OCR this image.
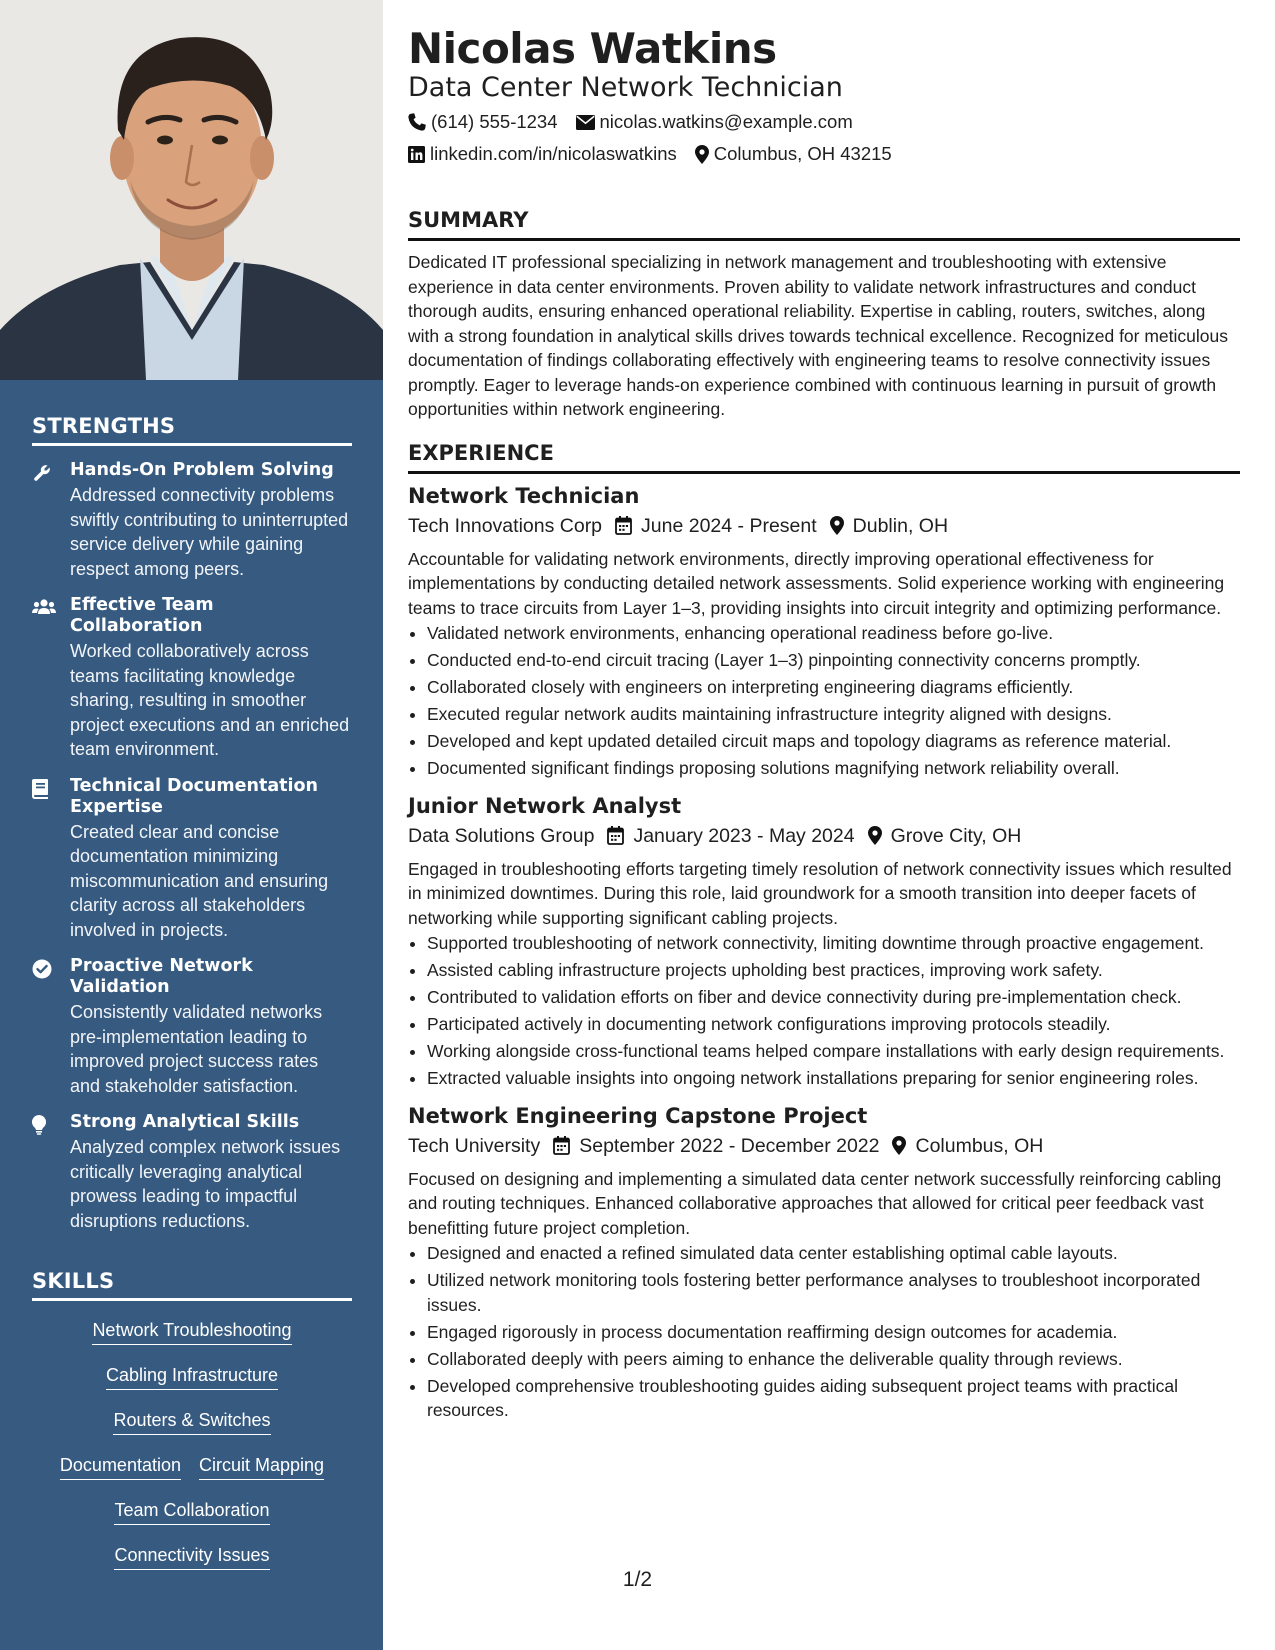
STRENGTHS
Hands-On Problem Solving
Addressed connectivity problems swiftly contributing to uninterrupted service delivery while gaining respect among peers.
Effective Team Collaboration
Worked collaboratively across teams facilitating knowledge sharing, resulting in smoother project executions and an enriched team environment.
Technical Documentation Expertise
Created clear and concise documentation minimizing miscommunication and ensuring clarity across all stakeholders involved in projects.
Proactive Network Validation
Consistently validated networks pre-implementation leading to improved project success rates and stakeholder satisfaction.
Strong Analytical Skills
Analyzed complex network issues critically leveraging analytical prowess leading to impactful disruptions reductions.
SKILLS
Network Troubleshooting
Cabling Infrastructure
Routers & Switches
Documentation Circuit Mapping
Team Collaboration
Connectivity Issues
Nicolas Watkins
Data Center Network Technician
(614) 555-1234 nicolas.watkins@example.com
linkedin.com/in/nicolaswatkins Columbus, OH 43215
SUMMARY
Dedicated IT professional specializing in network management and troubleshooting with extensive experience in data center environments. Proven ability to validate network infrastructures and conduct thorough audits, ensuring enhanced operational reliability. Expertise in cabling, routers, switches, along with a strong foundation in analytical skills drives towards technical excellence. Recognized for meticulous documentation of findings collaborating effectively with engineering teams to resolve connectivity issues promptly. Eager to leverage hands-on experience combined with continuous learning in pursuit of growth opportunities within network engineering.
EXPERIENCE
Network Technician
Tech Innovations Corp June 2024 - Present Dublin, OH
Accountable for validating network environments, directly improving operational effectiveness for implementations by conducting detailed network assessments. Solid experience working with engineering teams to trace circuits from Layer 1–3, providing insights into circuit integrity and optimizing performance.
• Validated network environments, enhancing operational readiness before go-live.
• Conducted end-to-end circuit tracing (Layer 1–3) pinpointing connectivity concerns promptly.
• Collaborated closely with engineers on interpreting engineering diagrams efficiently.
• Executed regular network audits maintaining infrastructure integrity aligned with designs.
• Developed and kept updated detailed circuit maps and topology diagrams as reference material.
• Documented significant findings proposing solutions magnifying network reliability overall.
Junior Network Analyst
Data Solutions Group January 2023 - May 2024 Grove City, OH
Engaged in troubleshooting efforts targeting timely resolution of network connectivity issues which resulted in minimized downtimes. During this role, laid groundwork for a smooth transition into deeper facets of networking while supporting significant cabling projects.
• Supported troubleshooting of network connectivity, limiting downtime through proactive engagement.
• Assisted cabling infrastructure projects upholding best practices, improving work safety.
• Contributed to validation efforts on fiber and device connectivity during pre-implementation check.
• Participated actively in documenting network configurations improving protocols steadily.
• Working alongside cross-functional teams helped compare installations with early design requirements.
• Extracted valuable insights into ongoing network installations preparing for senior engineering roles.
Network Engineering Capstone Project
Tech University September 2022 - December 2022 Columbus, OH
Focused on designing and implementing a simulated data center network successfully reinforcing cabling and routing techniques. Enhanced collaborative approaches that allowed for critical peer feedback vast benefitting future project completion.
• Designed and enacted a refined simulated data center establishing optimal cable layouts.
• Utilized network monitoring tools fostering better performance analyses to troubleshoot incorporated issues.
• Engaged rigorously in process documentation reaffirming design outcomes for academia.
• Collaborated deeply with peers aiming to enhance the deliverable quality through reviews.
• Developed comprehensive troubleshooting guides aiding subsequent project teams with practical resources.
1/2
